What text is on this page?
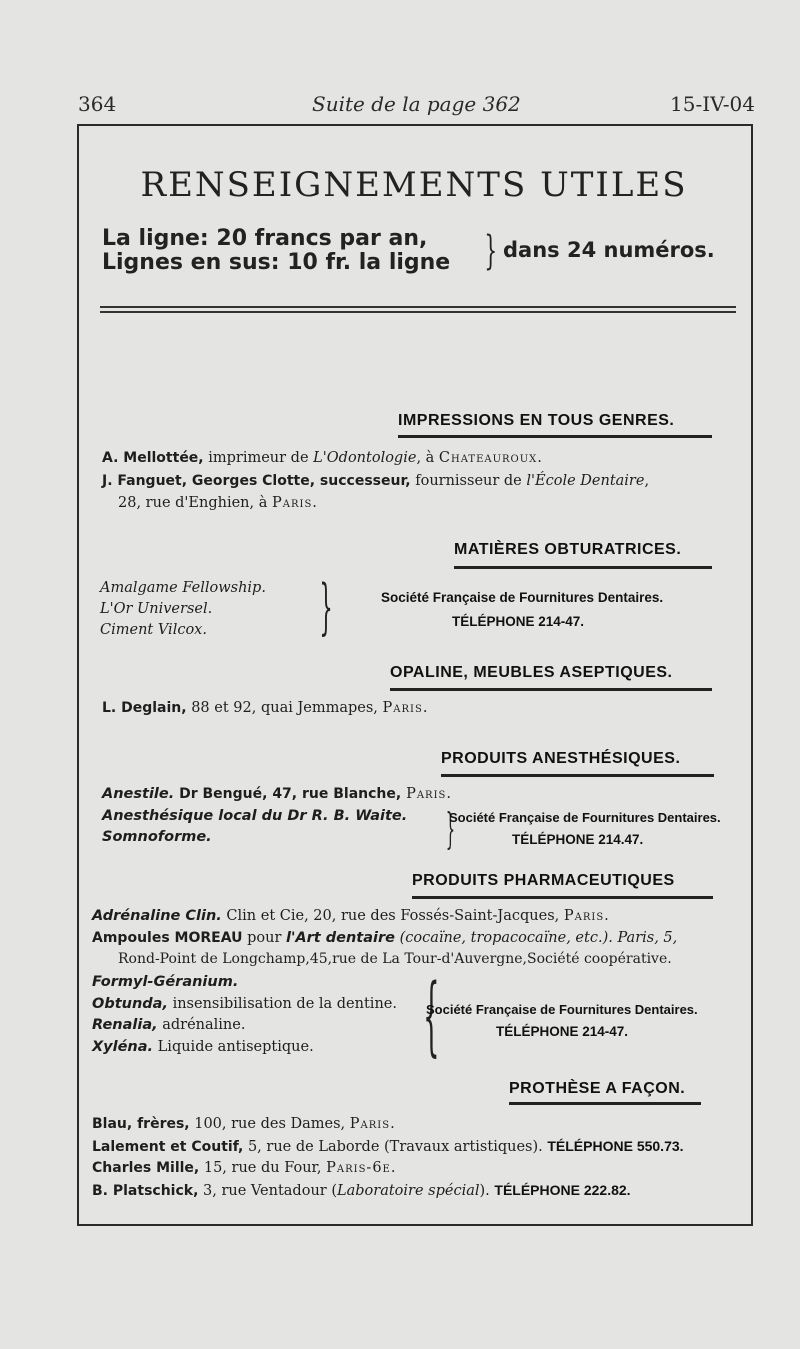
364	Suite de la page 362	15-IV-04
RENSEIGNEMENTS UTILES
La ligne: 20 francs par an,
Lignes en sus: 10 fr. la ligne } dans 24 numéros.
IMPRESSIONS EN TOUS GENRES.
A. Mellottée, imprimeur de L'Odontologie, à Chateauroux.
J. Fanguet, Georges Clotte, successeur, fournisseur de l'École Dentaire,
28, rue d'Enghien, à Paris.
MATIÈRES OBTURATRICES.
Amalgame Fellowship.
L'Or Universel.
Ciment Vilcox. }	Société Française de Fournitures Dentaires.
TÉLÉPHONE 214-47.
OPALINE, MEUBLES ASEPTIQUES.
L. Deglain, 88 et 92, quai Jemmapes, Paris.
PRODUITS ANESTHÉSIQUES.
Anestile. Dr Bengué, 47, rue Blanche, Paris.
Anesthésique local du Dr R. B. Waite.
Somnoforme.	}
Société Française de Fournitures Dentaires.
TÉLÉPHONE 214.47.
PRODUITS PHARMACEUTIQUES
Adrénaline Clin. Clin et Cie, 20, rue des Fossés-Saint-Jacques, Paris.
Ampoules MOREAU pour l'Art dentaire (cocaïne, tropacocaïne, etc.). Paris, 5,
Rond-Point de Longchamp,45,rue de La Tour-d'Auvergne,Société coopérative.
Formyl-Géranium.
Obtunda, insensibilisation de la dentine.
Renalia, adrénaline.
Xyléna. Liquide antiseptique. {
Société Française de Fournitures Dentaires.
TÉLÉPHONE 214-47.
PROTHÈSE A FAÇON.
Blau, frères, 100, rue des Dames, Paris.
Lalement et Coutif, 5, rue de Laborde (Travaux artistiques). TÉLÉPHONE 550.73.
Charles Mille, 15, rue du Four, Paris-6e.
B. Platschick, 3, rue Ventadour (Laboratoire spécial). TÉLÉPHONE 222.82.
